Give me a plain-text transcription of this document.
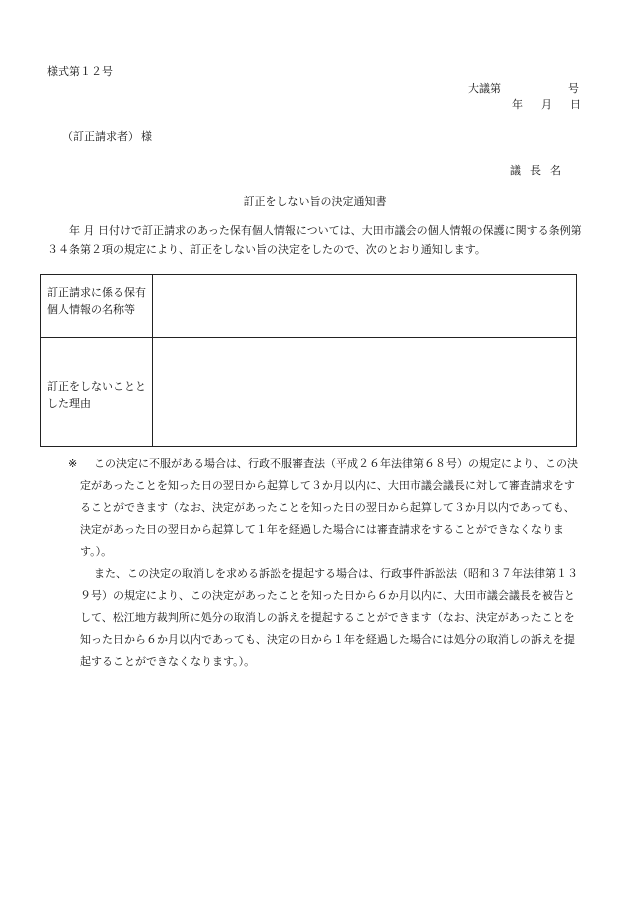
様式第１２号
大議第	号
年 月 日
（訂正請求者） 様
議長名
訂正をしない旨の決定通知書
年 月 日付けで訂正請求のあった保有個人情報については、大田市議会の個人情報の保護に関する条例第３４条第２項の規定により、訂正をしない旨の決定をしたので、次のとおり通知します。
訂正請求に係る保有個人情報の名称等	
訂正をしないこととした理由	
※	この決定に不服がある場合は、行政不服審査法（平成２６年法律第６８号）の規定により、この決定があったことを知った日の翌日から起算して３か月以内に、大田市議会議長に対して審査請求をすることができます（なお、決定があったことを知った日の翌日から起算して３か月以内であっても、決定があった日の翌日から起算して１年を経過した場合には審査請求をすることができなくなります。）。

また、この決定の取消しを求める訴訟を提起する場合は、行政事件訴訟法（昭和３７年法律第１３９号）の規定により、この決定があったことを知った日から６か月以内に、大田市議会議長を被告として、松江地方裁判所に処分の取消しの訴えを提起することができます（なお、決定があったことを知った日から６か月以内であっても、決定の日から１年を経過した場合には処分の取消しの訴えを提起することができなくなります。）。
